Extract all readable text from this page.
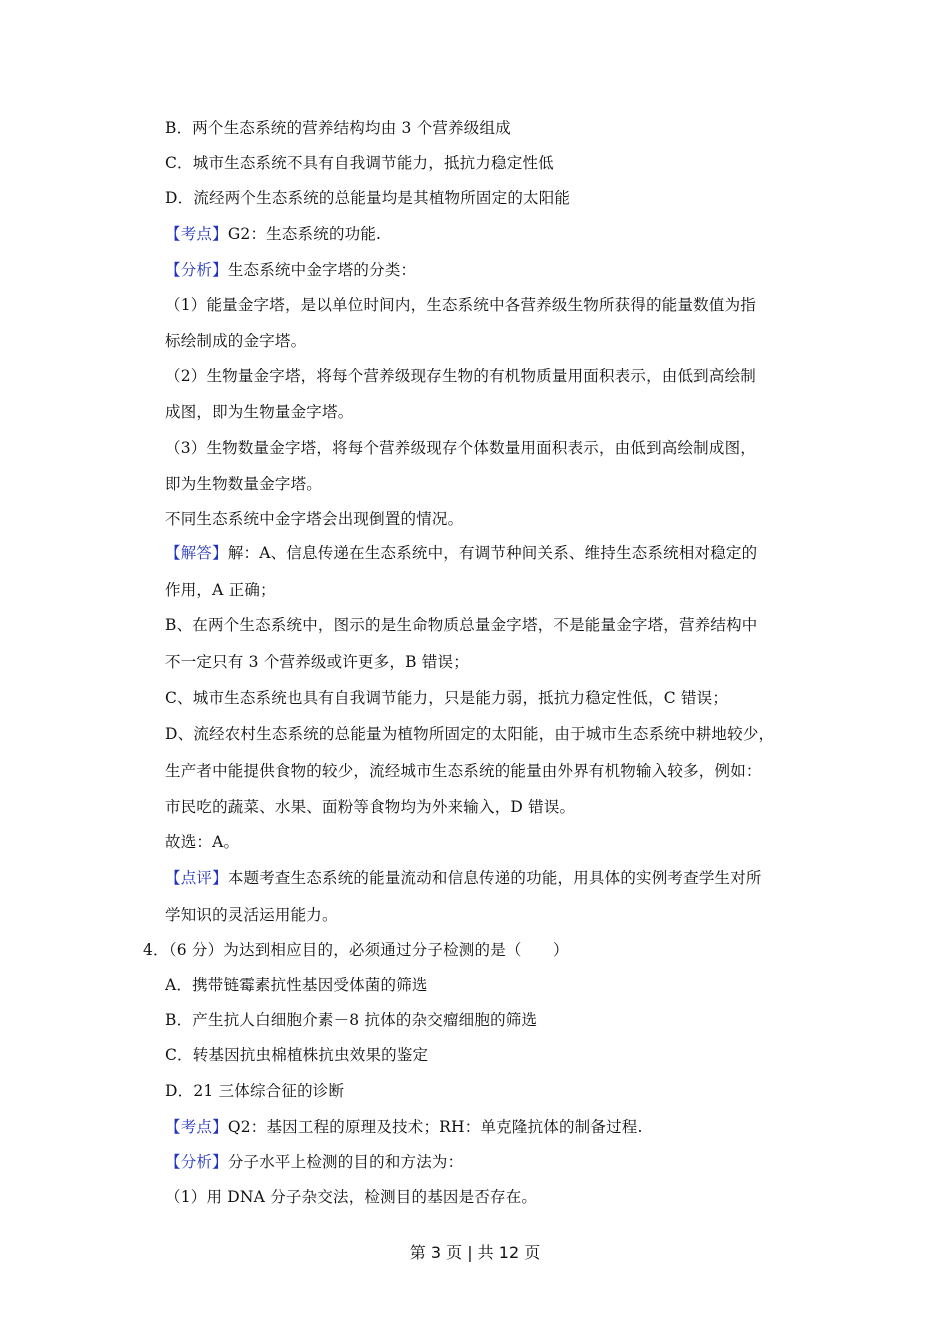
B．两个生态系统的营养结构均由 3 个营养级组成
C．城市生态系统不具有自我调节能力，抵抗力稳定性低
D．流经两个生态系统的总能量均是其植物所固定的太阳能
【考点】G2：生态系统的功能.
【分析】生态系统中金字塔的分类：
（1）能量金字塔，是以单位时间内，生态系统中各营养级生物所获得的能量数值为指
标绘制成的金字塔。
（2）生物量金字塔，将每个营养级现存生物的有机物质量用面积表示，由低到高绘制
成图，即为生物量金字塔。
（3）生物数量金字塔，将每个营养级现存个体数量用面积表示，由低到高绘制成图，
即为生物数量金字塔。
不同生态系统中金字塔会出现倒置的情况。
【解答】解：A、信息传递在生态系统中，有调节种间关系、维持生态系统相对稳定的
作用，A 正确；
B、在两个生态系统中，图示的是生命物质总量金字塔，不是能量金字塔，营养结构中
不一定只有 3 个营养级或许更多，B 错误；
C、城市生态系统也具有自我调节能力，只是能力弱，抵抗力稳定性低，C 错误；
D、流经农村生态系统的总能量为植物所固定的太阳能，由于城市生态系统中耕地较少，
生产者中能提供食物的较少，流经城市生态系统的能量由外界有机物输入较多，例如：
市民吃的蔬菜、水果、面粉等食物均为外来输入，D 错误。
故选：A。
【点评】本题考查生态系统的能量流动和信息传递的功能，用具体的实例考查学生对所
学知识的灵活运用能力。
4．（6 分）为达到相应目的，必须通过分子检测的是（　　）
A．携带链霉素抗性基因受体菌的筛选
B．产生抗人白细胞介素－8 抗体的杂交瘤细胞的筛选
C．转基因抗虫棉植株抗虫效果的鉴定
D．21 三体综合征的诊断
【考点】Q2：基因工程的原理及技术；RH：单克隆抗体的制备过程.
【分析】分子水平上检测的目的和方法为：
（1）用 DNA 分子杂交法，检测目的基因是否存在。
第 3 页 | 共 12 页
